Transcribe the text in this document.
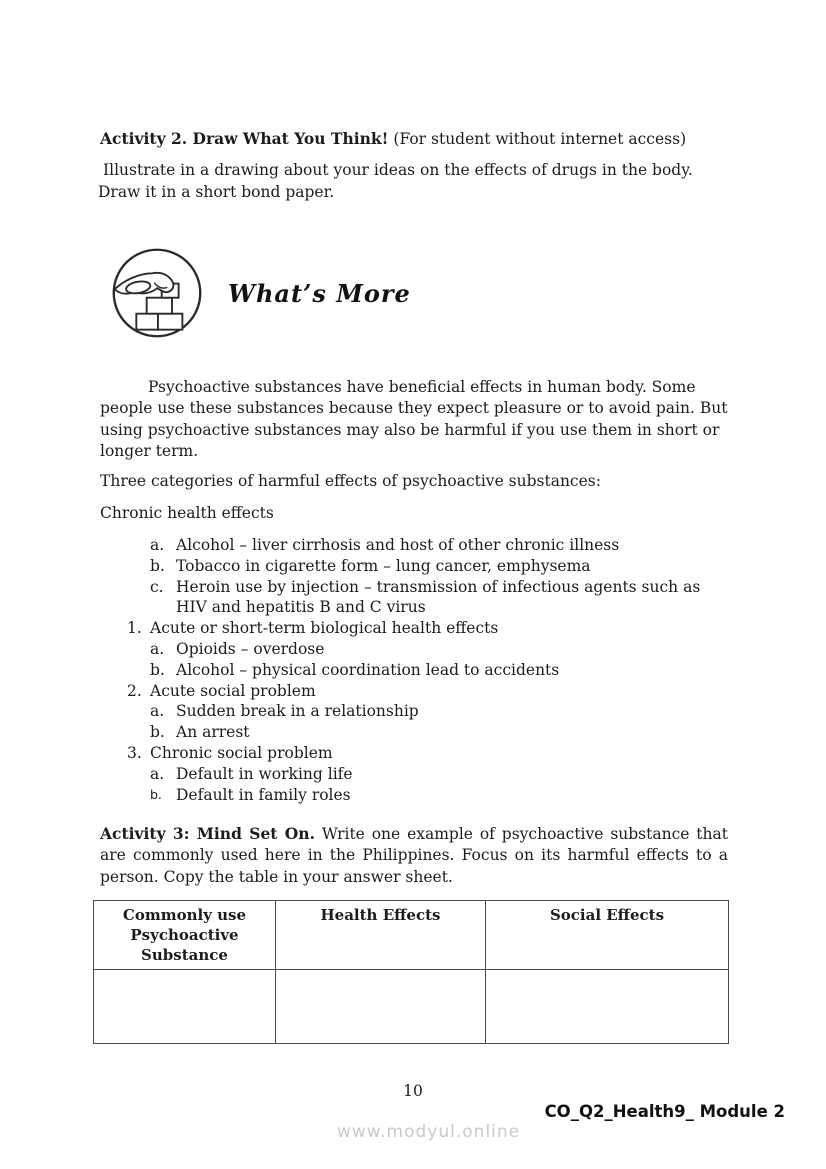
Activity 2. Draw What You Think! (For student without internet access)
Illustrate in a drawing about your ideas on the effects of drugs in the body. Draw it in a short bond paper.
What’s More
Psychoactive substances have beneficial effects in human body. Some people use these substances because they expect pleasure or to avoid pain. But using psychoactive substances may also be harmful if you use them in short or longer term.
Three categories of harmful effects of psychoactive substances:
Chronic health effects
a. Alcohol – liver cirrhosis and host of other chronic illness
b. Tobacco in cigarette form – lung cancer, emphysema
c. Heroin use by injection – transmission of infectious agents such as HIV and hepatitis B and C virus
1. Acute or short-term biological health effects
a. Opioids – overdose
b. Alcohol – physical coordination lead to accidents
2. Acute social problem
a. Sudden break in a relationship
b. An arrest
3. Chronic social problem
a. Default in working life
b. Default in family roles
Activity 3: Mind Set On. Write one example of psychoactive substance that are commonly used here in the Philippines. Focus on its harmful effects to a person. Copy the table in your answer sheet.
Commonly use Psychoactive Substance	Health Effects	Social Effects

10
CO_Q2_Health9_ Module 2
www.modyul.online
